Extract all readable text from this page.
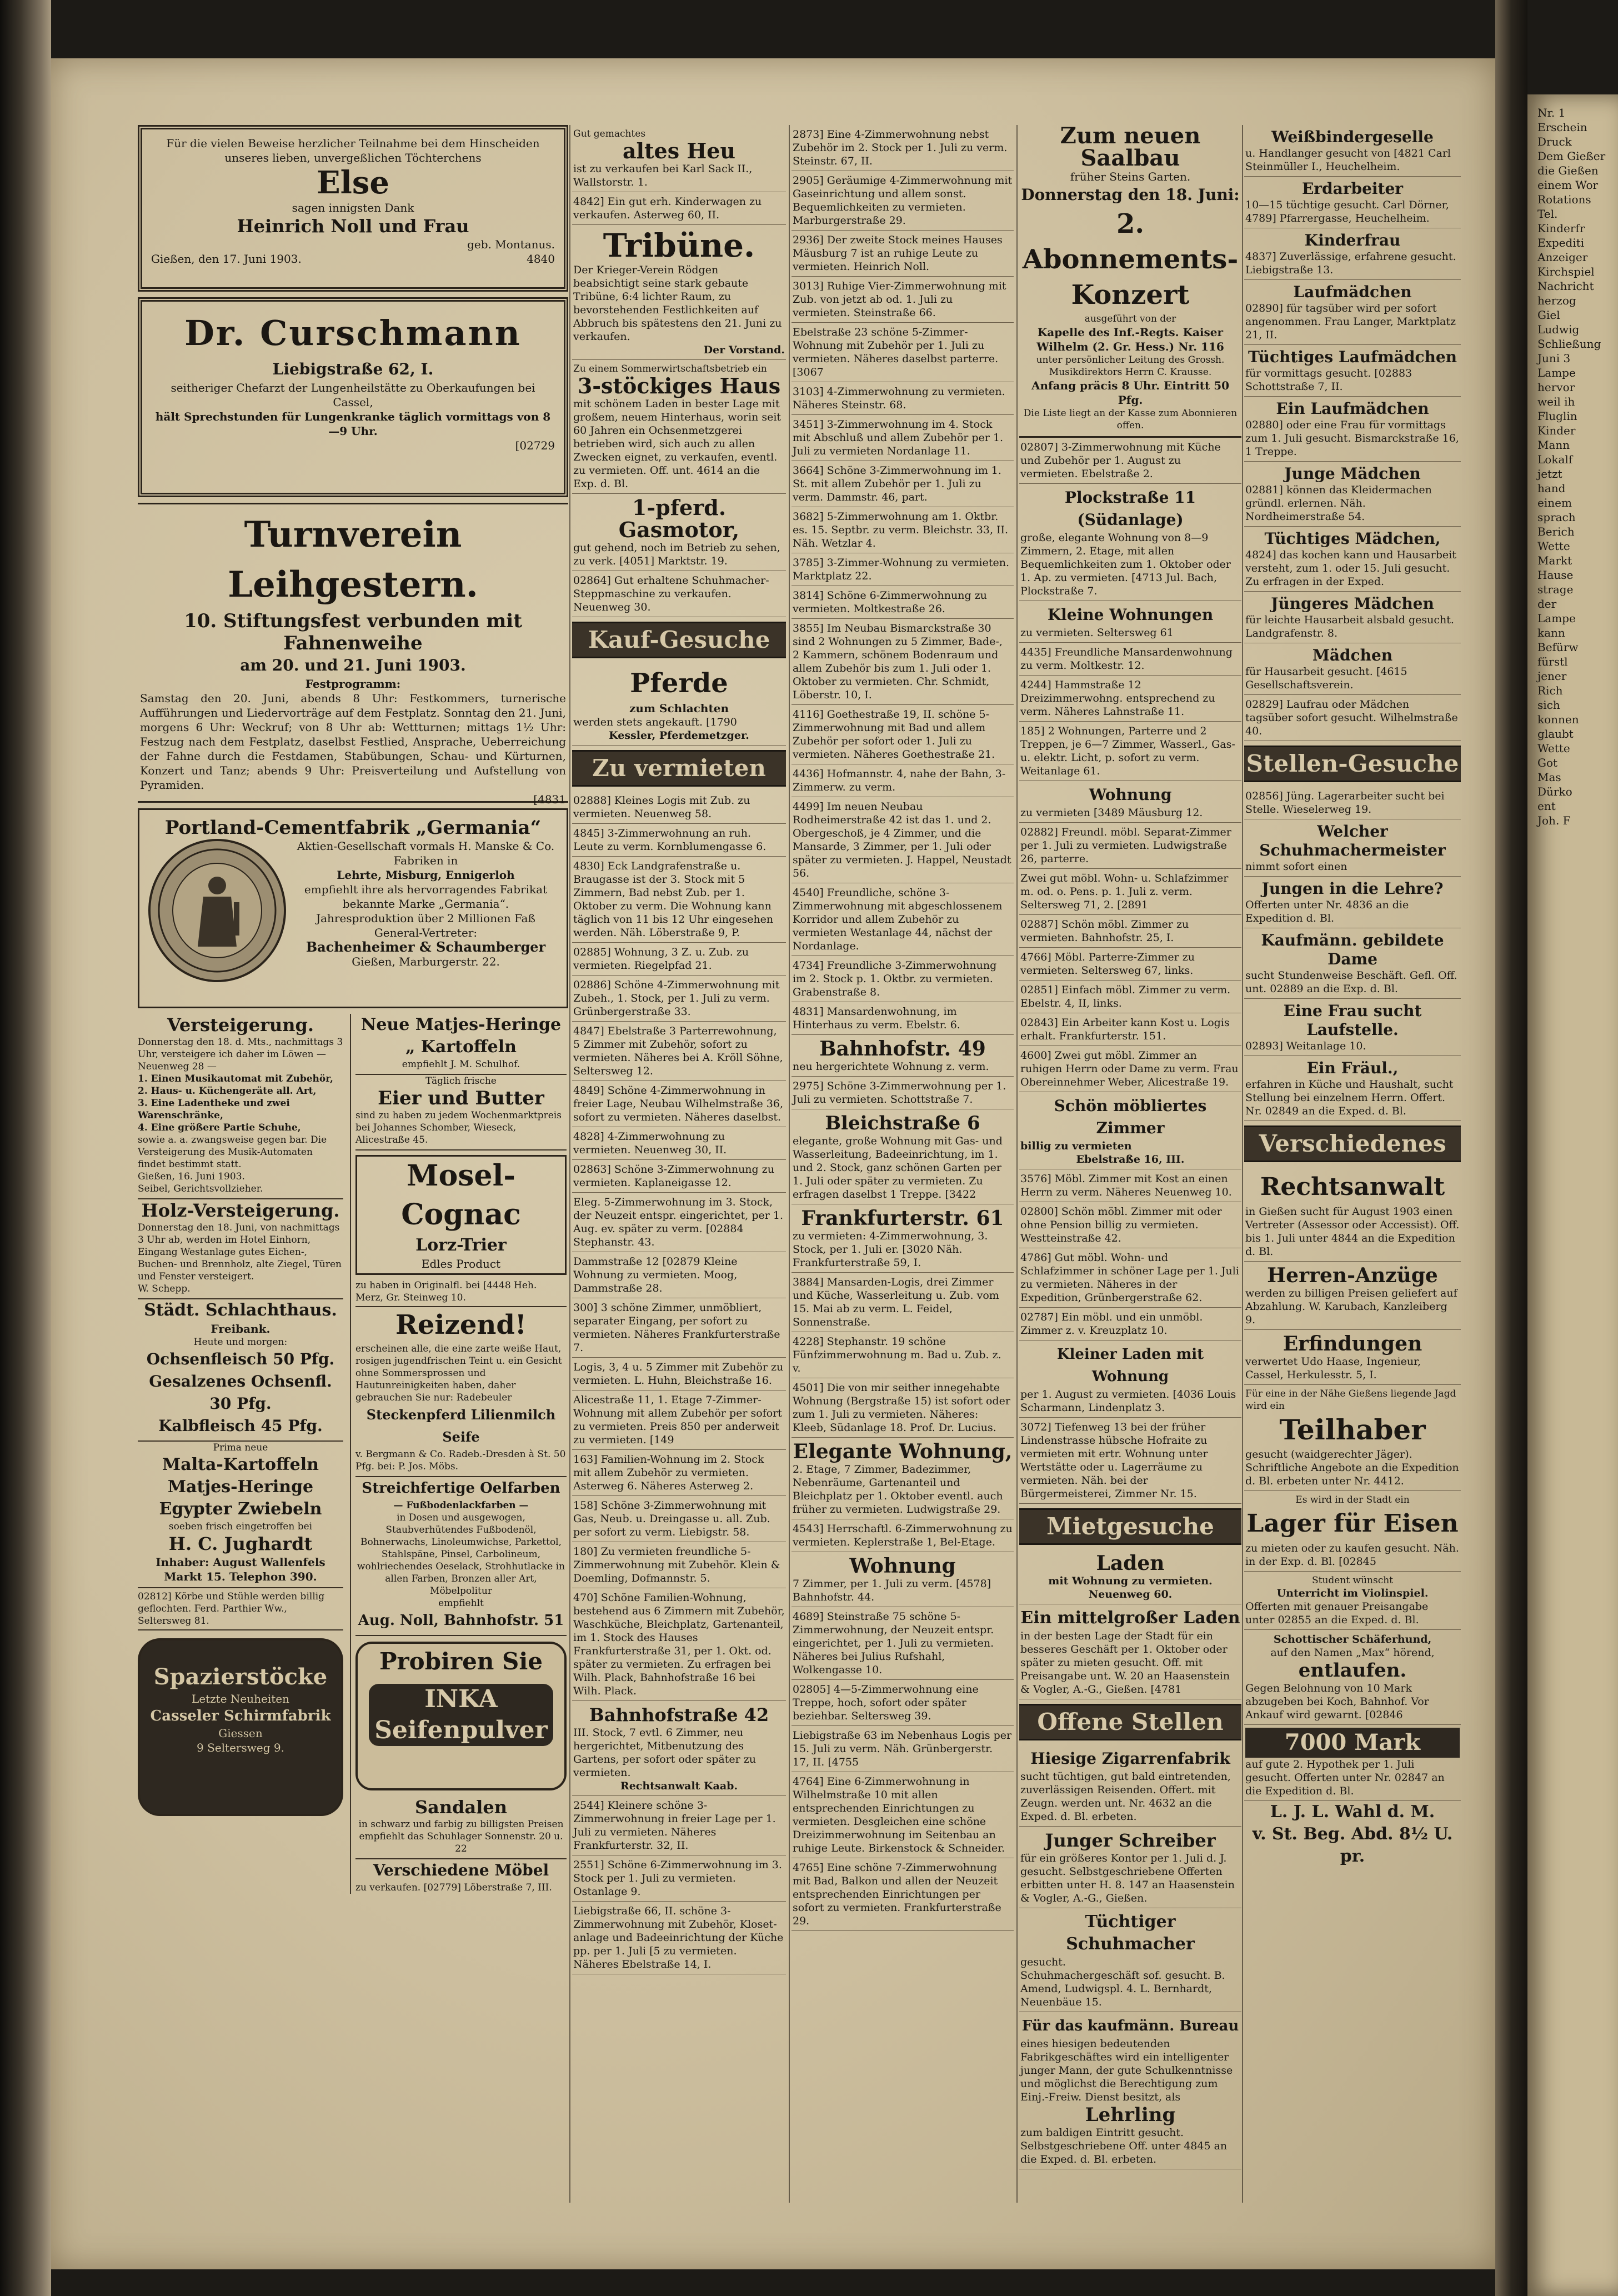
Für die vielen Beweise herzlicher Teilnahme bei dem Hinscheiden unseres lieben, unvergeßlichen Töchterchens
Else
sagen innigsten Dank
Heinrich Noll und Frau
geb. Montanus.
Gießen, den 17. Juni 1903.	4840
Dr. Curschmann
Liebigstraße 62, I.
seitheriger Chefarzt der Lungenheilstätte zu Oberkaufungen bei Cassel,
hält Sprechstunden für Lungenkranke täglich vormittags von 8—9 Uhr.
[02729
Turnverein Leihgestern.
10. Stiftungsfest verbunden mit Fahnenweihe
am 20. und 21. Juni 1903.
Festprogramm:
Samstag den 20. Juni, abends 8 Uhr: Festkommers, turnerische Aufführungen und Liedervorträge auf dem Festplatz. Sonntag den 21. Juni, morgens 6 Uhr: Weckruf; von 8 Uhr ab: Wettturnen; mittags 1½ Uhr: Festzug nach dem Festplatz, daselbst Festlied, Ansprache, Ueberreichung der Fahne durch die Festdamen, Stabübungen, Schau- und Kürturnen, Konzert und Tanz; abends 9 Uhr: Preisverteilung und Aufstellung von Pyramiden.
[4831
Portland-Cementfabrik „Germania“
Aktien-Gesellschaft vormals H. Manske & Co.
Fabriken in
Lehrte, Misburg, Ennigerloh
empfiehlt ihre als hervorragendes Fabrikat bekannte Marke „Germania“. Jahresproduktion über 2 Millionen Faß
General-Vertreter:
Bachenheimer & Schaumberger
Gießen, Marburgerstr. 22.
Versteigerung.
Donnerstag den 18. d. Mts., nachmittags 3 Uhr, versteigere ich daher im Löwen — Neuenweg 28 —
1. Einen Musikautomat mit Zubehör,
2. Haus- u. Küchengeräte all. Art,
3. Eine Ladentheke und zwei Warenschränke,
4. Eine größere Partie Schuhe,
sowie a. a. zwangsweise gegen bar. Die Versteigerung des Musik-Automaten findet bestimmt statt.
Gießen, 16. Juni 1903.
Seibel, Gerichtsvollzieher.
Holz-Versteigerung.
Donnerstag den 18. Juni, von nachmittags 3 Uhr ab, werden im Hotel Einhorn, Eingang Westanlage gutes Eichen-, Buchen- und Brennholz, alte Ziegel, Türen und Fenster versteigert.
W. Schepp.
Städt. Schlachthaus.
Freibank.
Heute und morgen:
Ochsenfleisch 50 Pfg.
Gesalzenes Ochsenfl. 30 Pfg.
Kalbfleisch 45 Pfg.
Prima neue
Malta-Kartoffeln
Matjes-Heringe
Egypter Zwiebeln
soeben frisch eingetroffen bei
H. C. Jughardt
Inhaber: August Wallenfels
Markt 15. Telephon 390.
02812] Körbe und Stühle werden billig geflochten. Ferd. Parthier Ww., Seltersweg 81.
Spazierstöcke
Letzte Neuheiten
Casseler Schirmfabrik
Giessen
9 Seltersweg 9.
Neue Matjes-Heringe
„ Kartoffeln
empfiehlt J. M. Schulhof.
Täglich frische
Eier und Butter
sind zu haben zu jedem Wochenmarktpreis bei Johannes Schomber, Wieseck, Alicestraße 45.
Mosel-Cognac
Lorz-Trier
Edles Product
zu haben in Originalfl. bei [4448 Heh. Merz, Gr. Steinweg 10.
Reizend!
erscheinen alle, die eine zarte weiße Haut, rosigen jugendfrischen Teint u. ein Gesicht ohne Sommersprossen und Hautunreinigkeiten haben, daher gebrauchen Sie nur: Radebeuler
Steckenpferd Lilienmilch Seife
v. Bergmann & Co. Radeb.-Dresden à St. 50 Pfg. bei: P. Jos. Möbs.
Streichfertige Oelfarben
— Fußbodenlackfarben —
in Dosen und ausgewogen, Staubverhütendes Fußbodenöl, Bohnerwachs, Linoleumwichse, Parkettol, Stahlspäne, Pinsel, Carbolineum, wohlriechendes Oeselack, Strohhutlacke in allen Farben, Bronzen aller Art, Möbelpolitur
empfiehlt
Aug. Noll, Bahnhofstr. 51
Probiren Sie
INKA Seifenpulver
Sandalen
in schwarz und farbig zu billigsten Preisen empfiehlt das Schuhlager Sonnenstr. 20 u. 22
Verschiedene Möbel
zu verkaufen. [02779] Löberstraße 7, III.
Gut gemachtes
altes Heu
ist zu verkaufen bei Karl Sack II., Wallstorstr. 1.
4842] Ein gut erh. Kinderwagen zu verkaufen. Asterweg 60, II.
Tribüne.
Der Krieger-Verein Rödgen beabsichtigt seine stark gebaute Tribüne, 6:4 lichter Raum, zu bevorstehenden Festlichkeiten auf Abbruch bis spätestens den 21. Juni zu verkaufen.
Der Vorstand.
Zu einem Sommerwirtschaftsbetrieb ein
3-stöckiges Haus
mit schönem Laden in bester Lage mit großem, neuem Hinterhaus, worin seit 60 Jahren ein Ochsenmetzgerei betrieben wird, sich auch zu allen Zwecken eignet, zu verkaufen, eventl. zu vermieten. Off. unt. 4614 an die Exp. d. Bl.
1-pferd. Gasmotor,
gut gehend, noch im Betrieb zu sehen, zu verk. [4051] Marktstr. 19.
02864] Gut erhaltene Schuhmacher-Steppmaschine zu verkaufen. Neuenweg 30.
Kauf-Gesuche
Pferde
zum Schlachten
werden stets angekauft. [1790
Kessler, Pferdemetzger.
Zu vermieten
02888] Kleines Logis mit Zub. zu vermieten. Neuenweg 58.
4845] 3-Zimmerwohnung an ruh. Leute zu verm. Kornblumengasse 6.
4830] Eck Landgrafenstraße u. Braugasse ist der 3. Stock mit 5 Zimmern, Bad nebst Zub. per 1. Oktober zu verm. Die Wohnung kann täglich von 11 bis 12 Uhr eingesehen werden. Näh. Löberstraße 9, P.
02885] Wohnung, 3 Z. u. Zub. zu vermieten. Riegelpfad 21.
02886] Schöne 4-Zimmerwohnung mit Zubeh., 1. Stock, per 1. Juli zu verm. Grünbergerstraße 33.
4847] Ebelstraße 3 Parterrewohnung, 5 Zimmer mit Zubehör, sofort zu vermieten. Näheres bei A. Kröll Söhne, Seltersweg 12.
4849] Schöne 4-Zimmerwohnung in freier Lage, Neubau Wilhelmstraße 36, sofort zu vermieten. Näheres daselbst.
4828] 4-Zimmerwohnung zu vermieten. Neuenweg 30, II.
02863] Schöne 3-Zimmerwohnung zu vermieten. Kaplaneigasse 12.
Eleg. 5-Zimmerwohnung im 3. Stock, der Neuzeit entspr. eingerichtet, per 1. Aug. ev. später zu verm. [02884 Stephanstr. 43.
Dammstraße 12 [02879 Kleine Wohnung zu vermieten. Moog, Dammstraße 28.
300] 3 schöne Zimmer, unmöbliert, separater Eingang, per sofort zu vermieten. Näheres Frankfurterstraße 7.
Logis, 3, 4 u. 5 Zimmer mit Zubehör zu vermieten. L. Huhn, Bleichstraße 16.
Alicestraße 11, 1. Etage 7-Zimmer-Wohnung mit allem Zubehör per sofort zu vermieten. Preis 850 per anderweit zu vermieten. [149
163] Familien-Wohnung im 2. Stock mit allem Zubehör zu vermieten. Asterweg 6. Näheres Asterweg 2.
158] Schöne 3-Zimmerwohnung mit Gas, Neub. u. Dreingasse u. all. Zub. per sofort zu verm. Liebigstr. 58.
180] Zu vermieten freundliche 5-Zimmerwohnung mit Zubehör. Klein & Doemling, Dofmannstr. 5.
470] Schöne Familien-Wohnung, bestehend aus 6 Zimmern mit Zubehör, Waschküche, Bleichplatz, Gartenanteil, im 1. Stock des Hauses Frankfurterstraße 31, per 1. Okt. od. später zu vermieten. Zu erfragen bei Wilh. Plack, Bahnhofstraße 16 bei Wilh. Plack.
Bahnhofstraße 42
III. Stock, 7 evtl. 6 Zimmer, neu hergerichtet, Mitbenutzung des Gartens, per sofort oder später zu vermieten.
Rechtsanwalt Kaab.
2544] Kleinere schöne 3-Zimmerwohnung in freier Lage per 1. Juli zu vermieten. Näheres Frankfurterstr. 32, II.
2551] Schöne 6-Zimmerwohnung im 3. Stock per 1. Juli zu vermieten. Ostanlage 9.
Liebigstraße 66, II. schöne 3-Zimmerwohnung mit Zubehör, Kloset-anlage und Badeeinrichtung der Küche pp. per 1. Juli [5 zu vermieten. Näheres Ebelstraße 14, I.
2873] Eine 4-Zimmerwohnung nebst Zubehör im 2. Stock per 1. Juli zu verm. Steinstr. 67, II.
2905] Geräumige 4-Zimmerwohnung mit Gaseinrichtung und allem sonst. Bequemlichkeiten zu vermieten. Marburgerstraße 29.
2936] Der zweite Stock meines Hauses Mäusburg 7 ist an ruhige Leute zu vermieten. Heinrich Noll.
3013] Ruhige Vier-Zimmerwohnung mit Zub. von jetzt ab od. 1. Juli zu vermieten. Steinstraße 66.
Ebelstraße 23 schöne 5-Zimmer-Wohnung mit Zubehör per 1. Juli zu vermieten. Näheres daselbst parterre. [3067
3103] 4-Zimmerwohnung zu vermieten. Näheres Steinstr. 68.
3451] 3-Zimmerwohnung im 4. Stock mit Abschluß und allem Zubehör per 1. Juli zu vermieten Nordanlage 11.
3664] Schöne 3-Zimmerwohnung im 1. St. mit allem Zubehör per 1. Juli zu verm. Dammstr. 46, part.
3682] 5-Zimmerwohnung am 1. Oktbr. es. 15. Septbr. zu verm. Bleichstr. 33, II. Näh. Wetzlar 4.
3785] 3-Zimmer-Wohnung zu vermieten. Marktplatz 22.
3814] Schöne 6-Zimmerwohnung zu vermieten. Moltkestraße 26.
3855] Im Neubau Bismarckstraße 30 sind 2 Wohnungen zu 5 Zimmer, Bade-, 2 Kammern, schönem Bodenraum und allem Zubehör bis zum 1. Juli oder 1. Oktober zu vermieten. Chr. Schmidt, Löberstr. 10, I.
4116] Goethestraße 19, II. schöne 5-Zimmerwohnung mit Bad und allem Zubehör per sofort oder 1. Juli zu vermieten. Näheres Goethestraße 21.
4436] Hofmannstr. 4, nahe der Bahn, 3-Zimmerw. zu verm.
4499] Im neuen Neubau Rodheimerstraße 42 ist das 1. und 2. Obergeschoß, je 4 Zimmer, und die Mansarde, 3 Zimmer, per 1. Juli oder später zu vermieten. J. Happel, Neustadt 56.
4540] Freundliche, schöne 3-Zimmerwohnung mit abgeschlossenem Korridor und allem Zubehör zu vermieten Westanlage 44, nächst der Nordanlage.
4734] Freundliche 3-Zimmerwohnung im 2. Stock p. 1. Oktbr. zu vermieten. Grabenstraße 8.
4831] Mansardenwohnung, im Hinterhaus zu verm. Ebelstr. 6.
Bahnhofstr. 49
neu hergerichtete Wohnung z. verm.
2975] Schöne 3-Zimmerwohnung per 1. Juli zu vermieten. Schottstraße 7.
Bleichstraße 6
elegante, große Wohnung mit Gas- und Wasserleitung, Badeeinrichtung, im 1. und 2. Stock, ganz schönen Garten per 1. Juli oder später zu vermieten. Zu erfragen daselbst 1 Treppe. [3422
Frankfurterstr. 61
zu vermieten: 4-Zimmerwohnung, 3. Stock, per 1. Juli er. [3020 Näh. Frankfurterstraße 59, I.
3884] Mansarden-Logis, drei Zimmer und Küche, Wasserleitung u. Zub. vom 15. Mai ab zu verm. L. Feidel, Sonnenstraße.
4228] Stephanstr. 19 schöne Fünfzimmerwohnung m. Bad u. Zub. z. v.
4501] Die von mir seither innegehabte Wohnung (Bergstraße 15) ist sofort oder zum 1. Juli zu vermieten. Näheres: Kleeb, Südanlage 18. Prof. Dr. Lucius.
Elegante Wohnung,
2. Etage, 7 Zimmer, Badezimmer, Nebenräume, Gartenanteil und Bleichplatz per 1. Oktober eventl. auch früher zu vermieten. Ludwigstraße 29.
4543] Herrschaftl. 6-Zimmerwohnung zu vermieten. Keplerstraße 1, Bel-Etage.
Wohnung
7 Zimmer, per 1. Juli zu verm. [4578] Bahnhofstr. 44.
4689] Steinstraße 75 schöne 5-Zimmerwohnung, der Neuzeit entspr. eingerichtet, per 1. Juli zu vermieten. Näheres bei Julius Rufshahl, Wolkengasse 10.
02805] 4—5-Zimmerwohnung eine Treppe, hoch, sofort oder später beziehbar. Seltersweg 39.
Liebigstraße 63 im Nebenhaus Logis per 15. Juli zu verm. Näh. Grünbergerstr. 17, II. [4755
4764] Eine 6-Zimmerwohnung in Wilhelmstraße 10 mit allen entsprechenden Einrichtungen zu vermieten. Desgleichen eine schöne Dreizimmerwohnung im Seitenbau an ruhige Leute. Birkenstock & Schneider.
4765] Eine schöne 7-Zimmerwohnung mit Bad, Balkon und allen der Neuzeit entsprechenden Einrichtungen per sofort zu vermieten. Frankfurterstraße 29.
Zum neuen Saalbau
früher Steins Garten.
Donnerstag den 18. Juni:
2. Abonnements-Konzert
ausgeführt von der
Kapelle des Inf.-Regts. Kaiser Wilhelm (2. Gr. Hess.) Nr. 116
unter persönlicher Leitung des Grossh. Musikdirektors Herrn C. Krausse.
Anfang präcis 8 Uhr. Eintritt 50 Pfg.
Die Liste liegt an der Kasse zum Abonnieren offen.
02807] 3-Zimmerwohnung mit Küche und Zubehör per 1. August zu vermieten. Ebelstraße 2.
Plockstraße 11 (Südanlage)
große, elegante Wohnung von 8—9 Zimmern, 2. Etage, mit allen Bequemlichkeiten zum 1. Oktober oder 1. Ap. zu vermieten. [4713 Jul. Bach, Plockstraße 7.
Kleine Wohnungen
zu vermieten. Seltersweg 61
4435] Freundliche Mansardenwohnung zu verm. Moltkestr. 12.
4244] Hammstraße 12 Dreizimmerwohng. entsprechend zu verm. Näheres Lahnstraße 11.
185] 2 Wohnungen, Parterre und 2 Treppen, je 6—7 Zimmer, Wasserl., Gas- u. elektr. Licht, p. sofort zu verm. Weitanlage 61.
Wohnung
zu vermieten [3489 Mäusburg 12.
02882] Freundl. möbl. Separat-Zimmer per 1. Juli zu vermieten. Ludwigstraße 26, parterre.
Zwei gut möbl. Wohn- u. Schlafzimmer m. od. o. Pens. p. 1. Juli z. verm. Seltersweg 71, 2. [2891
02887] Schön möbl. Zimmer zu vermieten. Bahnhofstr. 25, I.
4766] Möbl. Parterre-Zimmer zu vermieten. Seltersweg 67, links.
02851] Einfach möbl. Zimmer zu verm. Ebelstr. 4, II, links.
02843] Ein Arbeiter kann Kost u. Logis erhalt. Frankfurterstr. 151.
4600] Zwei gut möbl. Zimmer an ruhigen Herrn oder Dame zu verm. Frau Obereinnehmer Weber, Alicestraße 19.
Schön möbliertes Zimmer
billig zu vermieten
Ebelstraße 16, III.
3576] Möbl. Zimmer mit Kost an einen Herrn zu verm. Näheres Neuenweg 10.
02800] Schön möbl. Zimmer mit oder ohne Pension billig zu vermieten. Westteinstraße 42.
4786] Gut möbl. Wohn- und Schlafzimmer in schöner Lage per 1. Juli zu vermieten. Näheres in der Expedition, Grünbergerstraße 62.
02787] Ein möbl. und ein unmöbl. Zimmer z. v. Kreuzplatz 10.
Kleiner Laden mit Wohnung
per 1. August zu vermieten. [4036 Louis Scharmann, Lindenplatz 3.
3072] Tiefenweg 13 bei der früher Lindenstrasse hübsche Hofraite zu vermieten mit ertr. Wohnung unter Wertstätte oder u. Lagerräume zu vermieten. Näh. bei der Bürgermeisterei, Zimmer Nr. 15.
Mietgesuche
Laden
mit Wohnung zu vermieten.
Neuenweg 60.
Ein mittelgroßer Laden
in der besten Lage der Stadt für ein besseres Geschäft per 1. Oktober oder später zu mieten gesucht. Off. mit Preisangabe unt. W. 20 an Haasenstein & Vogler, A.-G., Gießen. [4781
Offene Stellen
Hiesige Zigarrenfabrik
sucht tüchtigen, gut bald eintretenden, zuverlässigen Reisenden. Offert. mit Zeugn. werden unt. Nr. 4632 an die Exped. d. Bl. erbeten.
Junger Schreiber
für ein größeres Kontor per 1. Juli d. J. gesucht. Selbstgeschriebene Offerten erbitten unter H. 8. 147 an Haasenstein & Vogler, A.-G., Gießen.
Tüchtiger Schuhmacher
gesucht.
Schuhmachergeschäft sof. gesucht. B. Amend, Ludwigspl. 4. L. Bernhardt, Neuenbäue 15.
Für das kaufmänn. Bureau
eines hiesigen bedeutenden Fabrikgeschäftes wird ein intelligenter junger Mann, der gute Schulkenntnisse und möglichst die Berechtigung zum Einj.-Freiw. Dienst besitzt, als
Lehrling
zum baldigen Eintritt gesucht. Selbstgeschriebene Off. unter 4845 an die Exped. d. Bl. erbeten.
Weißbindergeselle
u. Handlanger gesucht von [4821 Carl Steinmüller I., Heuchelheim.
Erdarbeiter
10—15 tüchtige gesucht. Carl Dörner, 4789] Pfarrergasse, Heuchelheim.
Kinderfrau
4837] Zuverlässige, erfahrene gesucht. Liebigstraße 13.
Laufmädchen
02890] für tagsüber wird per sofort angenommen. Frau Langer, Marktplatz 21, II.
Tüchtiges Laufmädchen
für vormittags gesucht. [02883 Schottstraße 7, II.
Ein Laufmädchen
02880] oder eine Frau für vormittags zum 1. Juli gesucht. Bismarckstraße 16, 1 Treppe.
Junge Mädchen
02881] können das Kleidermachen gründl. erlernen. Näh. Nordheimerstraße 54.
Tüchtiges Mädchen,
4824] das kochen kann und Hausarbeit versteht, zum 1. oder 15. Juli gesucht. Zu erfragen in der Exped.
Jüngeres Mädchen
für leichte Hausarbeit alsbald gesucht. Landgrafenstr. 8.
Mädchen
für Hausarbeit gesucht. [4615 Gesellschaftsverein.
02829] Laufrau oder Mädchen tagsüber sofort gesucht. Wilhelmstraße 40.
Stellen-Gesuche
02856] Jüng. Lagerarbeiter sucht bei Stelle. Wieselerweg 19.
Welcher Schuhmachermeister
nimmt sofort einen
Jungen in die Lehre?
Offerten unter Nr. 4836 an die Expedition d. Bl.
Kaufmänn. gebildete Dame
sucht Stundenweise Beschäft. Gefl. Off. unt. 02889 an die Exp. d. Bl.
Eine Frau sucht Laufstelle.
02893] Weitanlage 10.
Ein Fräul.,
erfahren in Küche und Haushalt, sucht Stellung bei einzelnem Herrn. Offert. Nr. 02849 an die Exped. d. Bl.
Verschiedenes
Rechtsanwalt
in Gießen sucht für August 1903 einen Vertreter (Assessor oder Accessist). Off. bis 1. Juli unter 4844 an die Expedition d. Bl.
Herren-Anzüge
werden zu billigen Preisen geliefert auf Abzahlung. W. Karubach, Kanzleiberg 9.
Erfindungen
verwertet Udo Haase, Ingenieur, Cassel, Herkulesstr. 5, I.
Für eine in der Nähe Gießens liegende Jagd wird ein
Teilhaber
gesucht (waidgerechter Jäger). Schriftliche Angebote an die Expedition d. Bl. erbeten unter Nr. 4412.
Es wird in der Stadt ein
Lager für Eisen
zu mieten oder zu kaufen gesucht. Näh. in der Exp. d. Bl. [02845
Student wünscht
Unterricht im Violinspiel.
Offerten mit genauer Preisangabe unter 02855 an die Exped. d. Bl.
Schottischer Schäferhund,
auf den Namen „Max“ hörend,
entlaufen.
Gegen Belohnung von 10 Mark abzugeben bei Koch, Bahnhof. Vor Ankauf wird gewarnt. [02846
7000 Mark
auf gute 2. Hypothek per 1. Juli gesucht. Offerten unter Nr. 02847 an die Expedition d. Bl.
L. J. L. Wahl d. M.
v. St. Beg. Abd. 8½ U. pr.
Nr. 1
Erschein
Druck
Dem Gießer
die Gießen
einem Wor
Rotations
Tel.
Kinderfr
Expediti
Anzeiger
Kirchspiel
Nachricht
herzog
Giel
Ludwig
Schließung
Juni 3
Lampe
hervor
weil ih
Fluglin
Kinder
Mann
Lokalf
jetzt
hand
einem
sprach
Berich
Wette
Markt
Hause
strage
der
Lampe
kann
Befürw
fürstl
jener
Rich
sich
konnen
glaubt
Wette
Got
Mas
Dürko
ent
Joh. F
